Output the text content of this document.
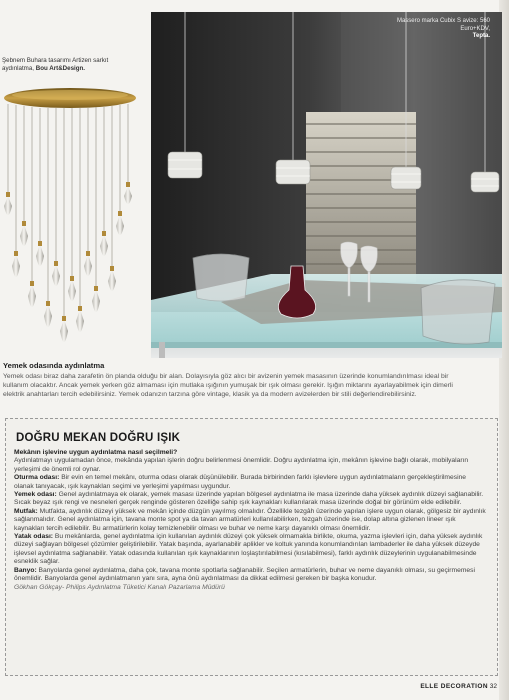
Şebnem Buhara tasarımı Artizen sarkıt aydınlatma, Bou Art&Design.
Massero marka Cubix S avize: 560 Euro+KDV,
Tepta.
Yemek odasında aydınlatma
Yemek odası biraz daha zarafetin ön planda olduğu bir alan. Dolayısıyla göz alıcı bir avizenin yemek masasının üzerinde konumlandırılması ideal bir kullanım olacaktır. Ancak yemek yerken göz almaması için mutlaka ışığının yumuşak bir ışık olması gerekir. Işığın miktarını ayarlayabilmek için dimerli elektrik anahtarları tercih edebilirsiniz. Yemek odanızın tarzına göre vintage, klasik ya da modern avizelerden bir stili değerlendirebilirsiniz.
DOĞRU MEKAN DOĞRU IŞIK

Mekânın işlevine uygun aydınlatma nasıl seçilmeli?

Aydınlatmayı uygulamadan önce, mekânda yapılan işlerin doğru belirlenmesi önemlidir. Doğru aydınlatma için, mekânın işlevine bağlı olarak, mobilyaların yerleşimi de önemli rol oynar.

Oturma odası: Bir evin en temel mekânı, oturma odası olarak düşünülebilir. Burada birbirinden farklı işlevlere uygun aydınlatmaların gerçekleştirilmesine olanak tanıyacak, ışık kaynakları seçimi ve yerleşimi yapılması uygundur.

Yemek odası: Genel aydınlatmaya ek olarak, yemek masası üzerinde yapılan bölgesel aydınlatma ile masa üzerinde daha yüksek aydınlık düzeyi sağlanabilir. Sıcak beyaz ışık rengi ve nesneleri gerçek renginde gösteren özelliğe sahip ışık kaynakları kullanılarak masa üzerinde doğal bir görünüm elde edilebilir.

Mutfak: Mutfakta, aydınlık düzeyi yüksek ve mekân içinde düzgün yayılmış olmalıdır. Özellikle tezgâh üzerinde yapılan işlere uygun olarak, gölgesiz bir aydınlık sağlanmalıdır. Genel aydınlatma için, tavana monte spot ya da tavan armatürleri kullanılabilirken, tezgah üzerinde ise, dolap altına gizlenen lineer ışık kaynakları tercih edilebilir. Bu armatürlerin kolay temizlenebilir olması ve buhar ve neme karşı dayanıklı olması önemlidir.

Yatak odası: Bu mekânlarda, genel aydınlatma için kullanılan aydınlık düzeyi çok yüksek olmamakla birlikte, okuma, yazma işlevleri için, daha yüksek aydınlık düzeyi sağlayan bölgesel çözümler geliştirilebilir. Yatak başında, ayarlanabilir aplikler ve koltuk yanında konumlandırılan lambaderler ile daha yüksek düzeyde işlevsel aydınlatma sağlanabilir. Yatak odasında kullanılan ışık kaynaklarının loşlaştırılabilmesi (kısılabilmesi), farklı aydınlık düzeylerinin uygulanabilmesinde esneklik sağlar.

Banyo: Banyolarda genel aydınlatma, daha çok, tavana monte spotlarla sağlanabilir. Seçilen armatürlerin, buhar ve neme dayanıklı olması, su geçirmemesi önemlidir. Banyolarda genel aydınlatmanın yanı sıra, ayna önü aydınlatması da dikkat edilmesi gereken bir başka konudur.

Gökhan Gökçay- Philips Aydınlatma Tüketici Kanalı Pazarlama Müdürü

ELLE DECORATION 32
